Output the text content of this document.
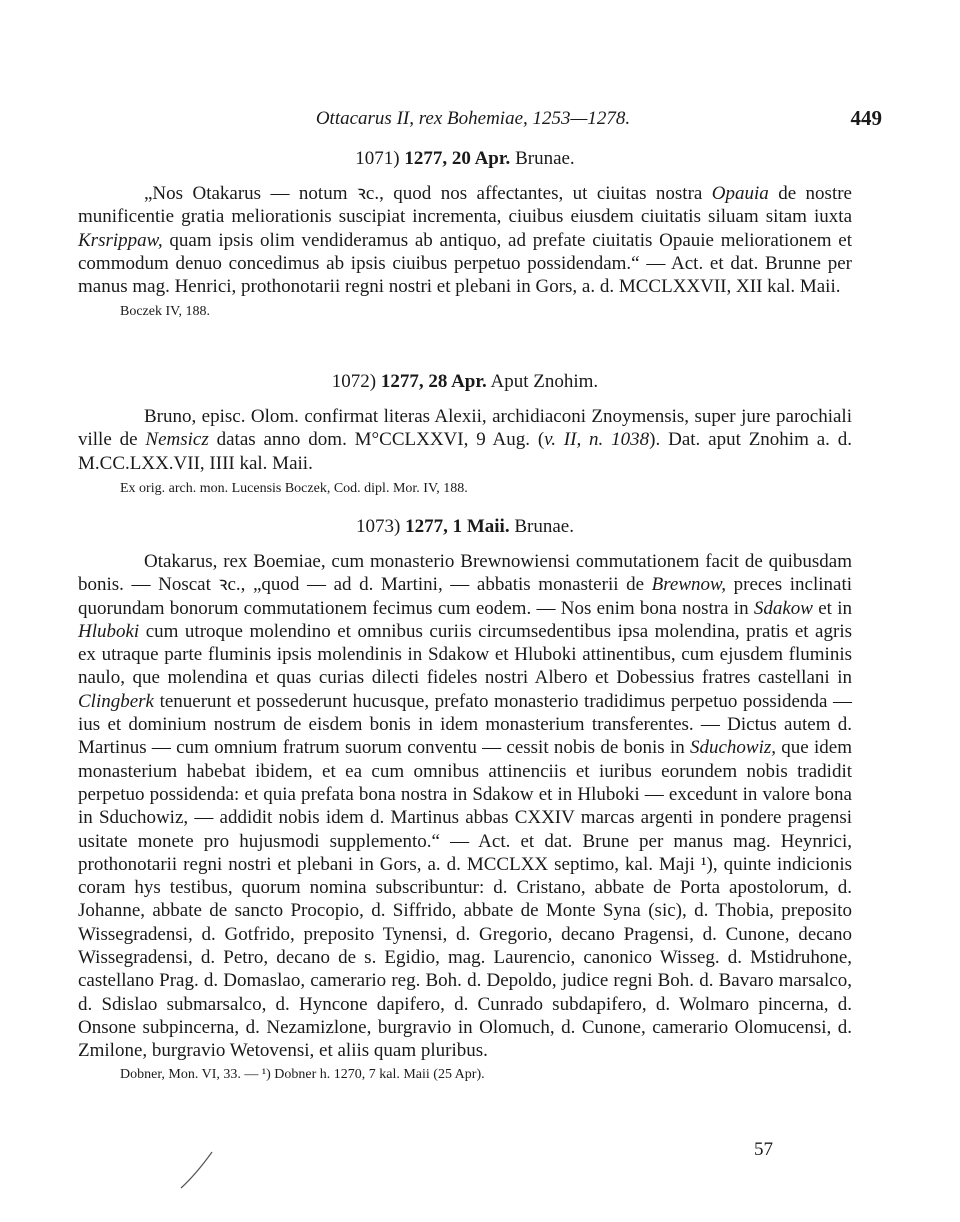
Ottacarus II, rex Bohemiae, 1253—1278.	449

1071) 1277, 20 Apr. Brunae.

„Nos Otakarus — notum ꝛc., quod nos affectantes, ut ciuitas nostra Opauia de nostre munificentie gratia meliorationis suscipiat incrementa, ciuibus eiusdem ciuitatis siluam sitam iuxta Krsrippaw, quam ipsis olim vendideramus ab antiquo, ad prefate ciuitatis Opauie meliorationem et commodum denuo concedimus ab ipsis ciuibus perpetuo possidendam.“ — Act. et dat. Brunne per manus mag. Henrici, prothonotarii regni nostri et plebani in Gors, a. d. MCCLXXVII, XII kal. Maii.

Boczek IV, 188.

1072) 1277, 28 Apr. Aput Znohim.

Bruno, episc. Olom. confirmat literas Alexii, archidiaconi Znoymensis, super jure parochiali ville de Nemsicz datas anno dom. M°CCLXXVI, 9 Aug. (v. II, n. 1038). Dat. aput Znohim a. d. M.CC.LXX.VII, IIII kal. Maii.

Ex orig. arch. mon. Lucensis Boczek, Cod. dipl. Mor. IV, 188.

1073) 1277, 1 Maii. Brunae.

Otakarus, rex Boemiae, cum monasterio Brewnowiensi commutationem facit de quibusdam bonis. — Noscat ꝛc., „quod — ad d. Martini, — abbatis monasterii de Brewnow, preces inclinati quorundam bonorum commutationem fecimus cum eodem. — Nos enim bona nostra in Sdakow et in Hluboki cum utroque molendino et omnibus curiis circumsedentibus ipsa molendina, pratis et agris ex utraque parte fluminis ipsis molendinis in Sdakow et Hluboki attinentibus, cum ejusdem fluminis naulo, que molendina et quas curias dilecti fideles nostri Albero et Dobessius fratres castellani in Clingberk tenuerunt et possederunt hucusque, prefato monasterio tradidimus perpetuo possidenda — ius et dominium nostrum de eisdem bonis in idem monasterium transferentes. — Dictus autem d. Martinus — cum omnium fratrum suorum conventu — cessit nobis de bonis in Sduchowiz, que idem monasterium habebat ibidem, et ea cum omnibus attinenciis et iuribus eorundem nobis tradidit perpetuo possidenda: et quia prefata bona nostra in Sdakow et in Hluboki — excedunt in valore bona in Sduchowiz, — addidit nobis idem d. Martinus abbas CXXIV marcas argenti in pondere pragensi usitate monete pro hujusmodi supplemento.“ — Act. et dat. Brune per manus mag. Heynrici, prothonotarii regni nostri et plebani in Gors, a. d. MCCLXX septimo, kal. Maji ¹), quinte indicionis coram hys testibus, quorum nomina subscribuntur: d. Cristano, abbate de Porta apostolorum, d. Johanne, abbate de sancto Procopio, d. Siffrido, abbate de Monte Syna (sic), d. Thobia, preposito Wissegradensi, d. Gotfrido, preposito Tynensi, d. Gregorio, decano Pragensi, d. Cunone, decano Wissegradensi, d. Petro, decano de s. Egidio, mag. Laurencio, canonico Wisseg. d. Mstidruhone, castellano Prag. d. Domaslao, camerario reg. Boh. d. Depoldo, judice regni Boh. d. Bavaro marsalco, d. Sdislao submarsalco, d. Hyncone dapifero, d. Cunrado subdapifero, d. Wolmaro pincerna, d. Onsone subpincerna, d. Nezamizlone, burgravio in Olomuch, d. Cunone, camerario Olomucensi, d. Zmilone, burgravio Wetovensi, et aliis quam pluribus.

Dobner, Mon. VI, 33. — ¹) Dobner h. 1270, 7 kal. Maii (25 Apr).

57
